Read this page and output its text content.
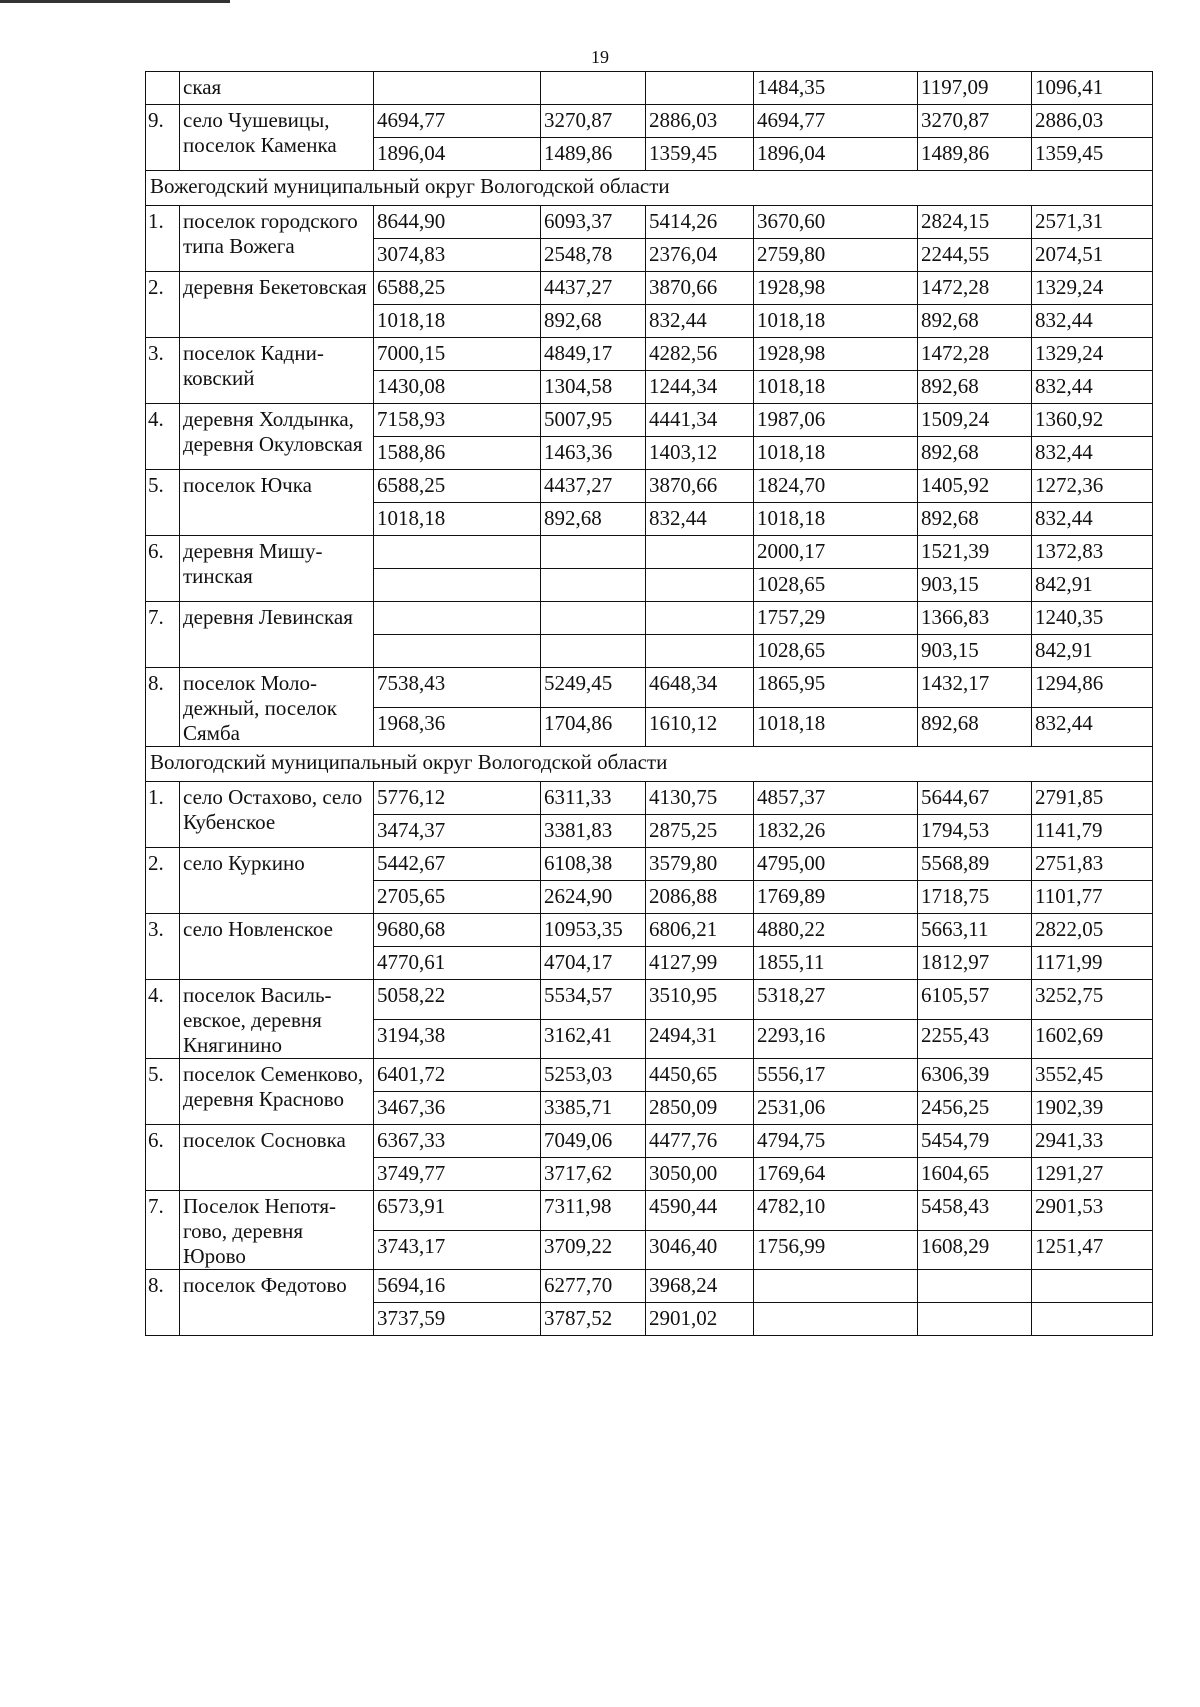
19
	ская				1484,35	1197,09	1096,41
9.	село Чушевицы, поселок Каменка	4694,77	3270,87	2886,03	4694,77	3270,87	2886,03
		1896,04	1489,86	1359,45	1896,04	1489,86	1359,45
Вожегодский муниципальный округ Вологодской области							
1.	поселок городского типа Вожега	8644,90	6093,37	5414,26	3670,60	2824,15	2571,31
		3074,83	2548,78	2376,04	2759,80	2244,55	2074,51
2.	деревня Бекетовская	6588,25	4437,27	3870,66	1928,98	1472,28	1329,24
		1018,18	892,68	832,44	1018,18	892,68	832,44
3.	поселок Кадниковский	7000,15	4849,17	4282,56	1928,98	1472,28	1329,24
		1430,08	1304,58	1244,34	1018,18	892,68	832,44
4.	деревня Холдынка, деревня Окуловская	7158,93	5007,95	4441,34	1987,06	1509,24	1360,92
		1588,86	1463,36	1403,12	1018,18	892,68	832,44
5.	поселок Ючка	6588,25	4437,27	3870,66	1824,70	1405,92	1272,36
		1018,18	892,68	832,44	1018,18	892,68	832,44
6.	деревня Мишутинская				2000,17	1521,39	1372,83
					1028,65	903,15	842,91
7.	деревня Левинская				1757,29	1366,83	1240,35
					1028,65	903,15	842,91
8.	поселок Молодежный, поселок Сямба	7538,43	5249,45	4648,34	1865,95	1432,17	1294,86
		1968,36	1704,86	1610,12	1018,18	892,68	832,44
Вологодский муниципальный округ Вологодской области							
1.	село Остахово, село Кубенское	5776,12	6311,33	4130,75	4857,37	5644,67	2791,85
		3474,37	3381,83	2875,25	1832,26	1794,53	1141,79
2.	село Куркино	5442,67	6108,38	3579,80	4795,00	5568,89	2751,83
		2705,65	2624,90	2086,88	1769,89	1718,75	1101,77
3.	село Новленское	9680,68	10953,35	6806,21	4880,22	5663,11	2822,05
		4770,61	4704,17	4127,99	1855,11	1812,97	1171,99
4.	поселок Васильевское, деревня Княгинино	5058,22	5534,57	3510,95	5318,27	6105,57	3252,75
		3194,38	3162,41	2494,31	2293,16	2255,43	1602,69
5.	поселок Семенково, деревня Красново	6401,72	5253,03	4450,65	5556,17	6306,39	3552,45
		3467,36	3385,71	2850,09	2531,06	2456,25	1902,39
6.	поселок Сосновка	6367,33	7049,06	4477,76	4794,75	5454,79	2941,33
		3749,77	3717,62	3050,00	1769,64	1604,65	1291,27
7.	Поселок Непотягово, деревня Юрово	6573,91	7311,98	4590,44	4782,10	5458,43	2901,53
		3743,17	3709,22	3046,40	1756,99	1608,29	1251,47
8.	поселок Федотово	5694,16	6277,70	3968,24			
		3737,59	3787,52	2901,02			
